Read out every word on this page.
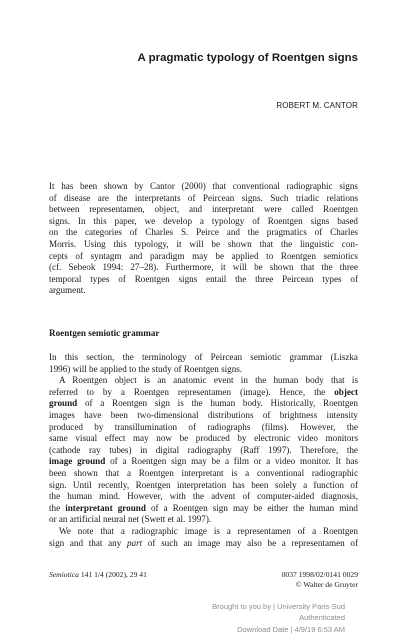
A pragmatic typology of Roentgen signs
ROBERT M. CANTOR
It has been shown by Cantor (2000) that conventional radiographic signs
of disease are the interpretants of Peircean signs. Such triadic relations
between representamen, object, and interpretant were called Roentgen
signs. In this paper, we develop a typology of Roentgen signs based
on the categories of Charles S. Peirce and the pragmatics of Charles
Morris. Using this typology, it will be shown that the linguistic con-
cepts of syntagm and paradigm may be applied to Roentgen semiotics
(cf. Sebeok 1994: 27–28). Furthermore, it will be shown that the three
temporal types of Roentgen signs entail the three Peircean types of
argument.
Roentgen semiotic grammar
In this section, the terminology of Peircean semiotic grammar (Liszka
1996) will be applied to the study of Roentgen signs.
A Roentgen object is an anatomic event in the human body that is
referred to by a Roentgen representamen (image). Hence, the object
ground of a Roentgen sign is the human body. Historically, Roentgen
images have been two-dimensional distributions of brightness intensity
produced by transillumination of radiographs (films). However, the
same visual effect may now be produced by electronic video monitors
(cathode ray tubes) in digital radiography (Raff 1997). Therefore, the
image ground of a Roentgen sign may be a film or a video monitor. It has
been shown that a Roentgen interpretant is a conventional radiographic
sign. Until recently, Roentgen interpretation has been solely a function of
the human mind. However, with the advent of computer-aided diagnosis,
the interpretant ground of a Roentgen sign may be either the human mind
or an artificial neural net (Swett et al. 1997).
We note that a radiographic image is a representamen of a Roentgen
sign and that any part of such an image may also be a representamen of
Semiotica 141 1/4 (2002), 29 41	0037 1998/02/0141 0029
© Walter de Gruyter
Brought to you by | University Paris-Sud
Authenticated
Download Date | 4/9/19 6:53 AM
